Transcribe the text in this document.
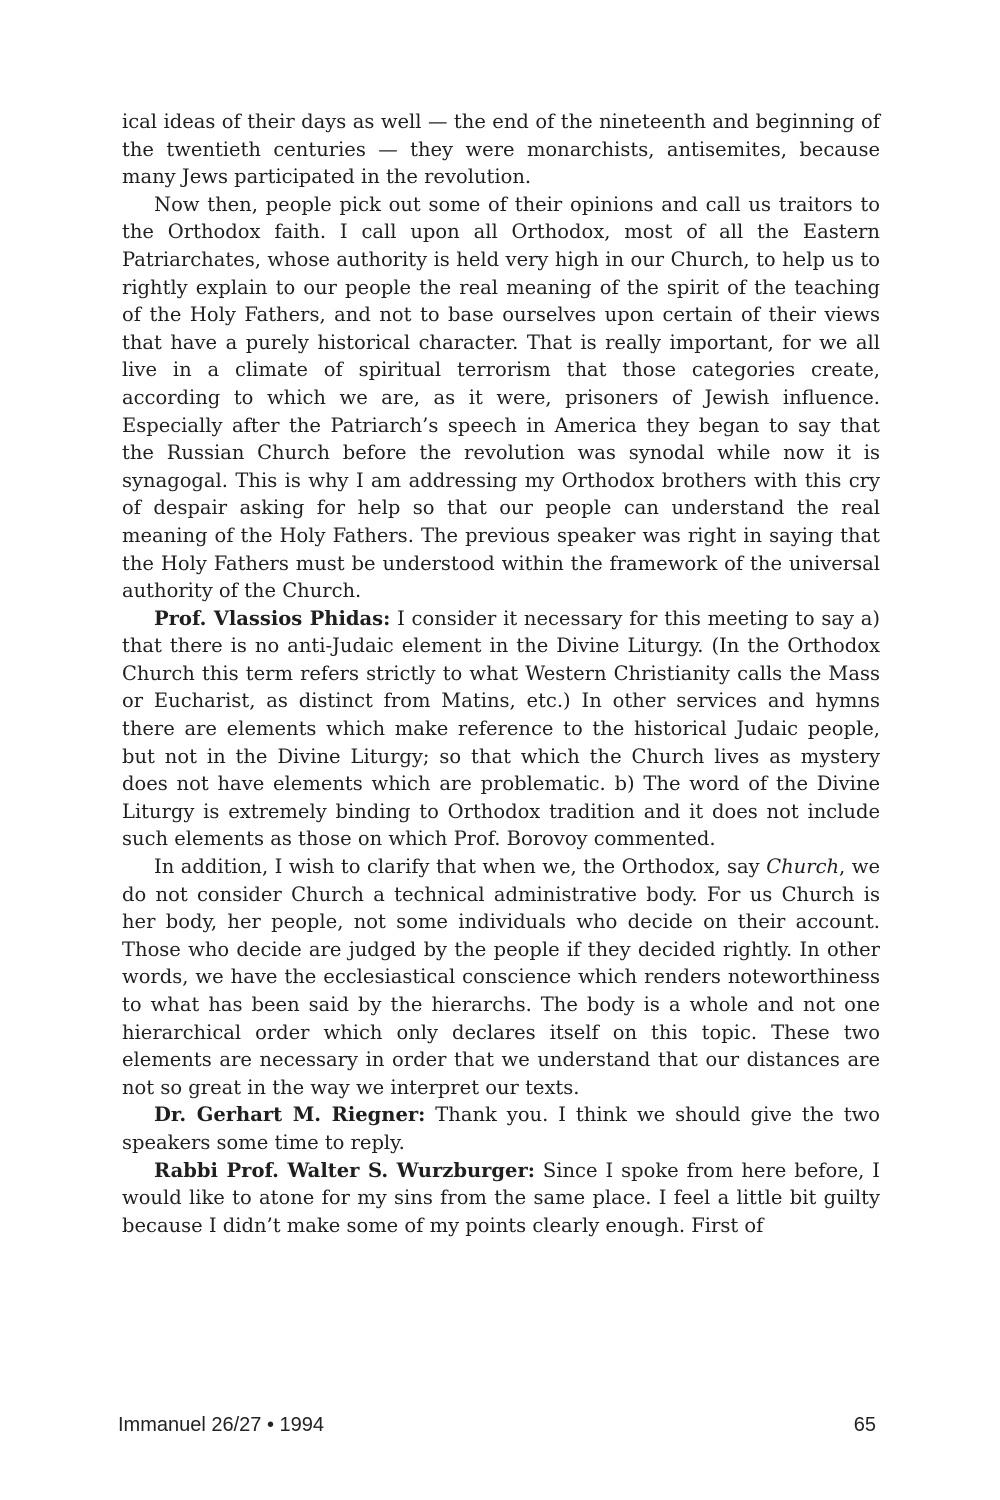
ical ideas of their days as well — the end of the nineteenth and beginning of the twentieth centuries — they were monarchists, antisemites, because many Jews participated in the revolution.

Now then, people pick out some of their opinions and call us traitors to the Orthodox faith. I call upon all Orthodox, most of all the Eastern Patriarchates, whose authority is held very high in our Church, to help us to rightly explain to our people the real meaning of the spirit of the teaching of the Holy Fathers, and not to base ourselves upon certain of their views that have a purely historical character. That is really important, for we all live in a climate of spiritual terrorism that those categories create, according to which we are, as it were, prisoners of Jewish influence. Especially after the Patriarch’s speech in America they began to say that the Russian Church before the revolution was synodal while now it is synagogal. This is why I am addressing my Orthodox brothers with this cry of despair asking for help so that our people can understand the real meaning of the Holy Fathers. The previous speaker was right in saying that the Holy Fathers must be understood within the framework of the universal authority of the Church.

Prof. Vlassios Phidas: I consider it necessary for this meeting to say a) that there is no anti-Judaic element in the Divine Liturgy. (In the Orthodox Church this term refers strictly to what Western Christianity calls the Mass or Eucharist, as distinct from Matins, etc.) In other services and hymns there are elements which make reference to the historical Judaic people, but not in the Divine Liturgy; so that which the Church lives as mystery does not have elements which are problematic. b) The word of the Divine Liturgy is extremely binding to Orthodox tradition and it does not include such elements as those on which Prof. Borovoy commented.

In addition, I wish to clarify that when we, the Orthodox, say Church, we do not consider Church a technical administrative body. For us Church is her body, her people, not some individuals who decide on their account. Those who decide are judged by the people if they decided rightly. In other words, we have the ecclesiastical conscience which renders noteworthiness to what has been said by the hierarchs. The body is a whole and not one hierarchical order which only declares itself on this topic. These two elements are necessary in order that we understand that our distances are not so great in the way we interpret our texts.

Dr. Gerhart M. Riegner: Thank you. I think we should give the two speakers some time to reply.

Rabbi Prof. Walter S. Wurzburger: Since I spoke from here before, I would like to atone for my sins from the same place. I feel a little bit guilty because I didn’t make some of my points clearly enough. First of

Immanuel 26/27 • 1994	65
